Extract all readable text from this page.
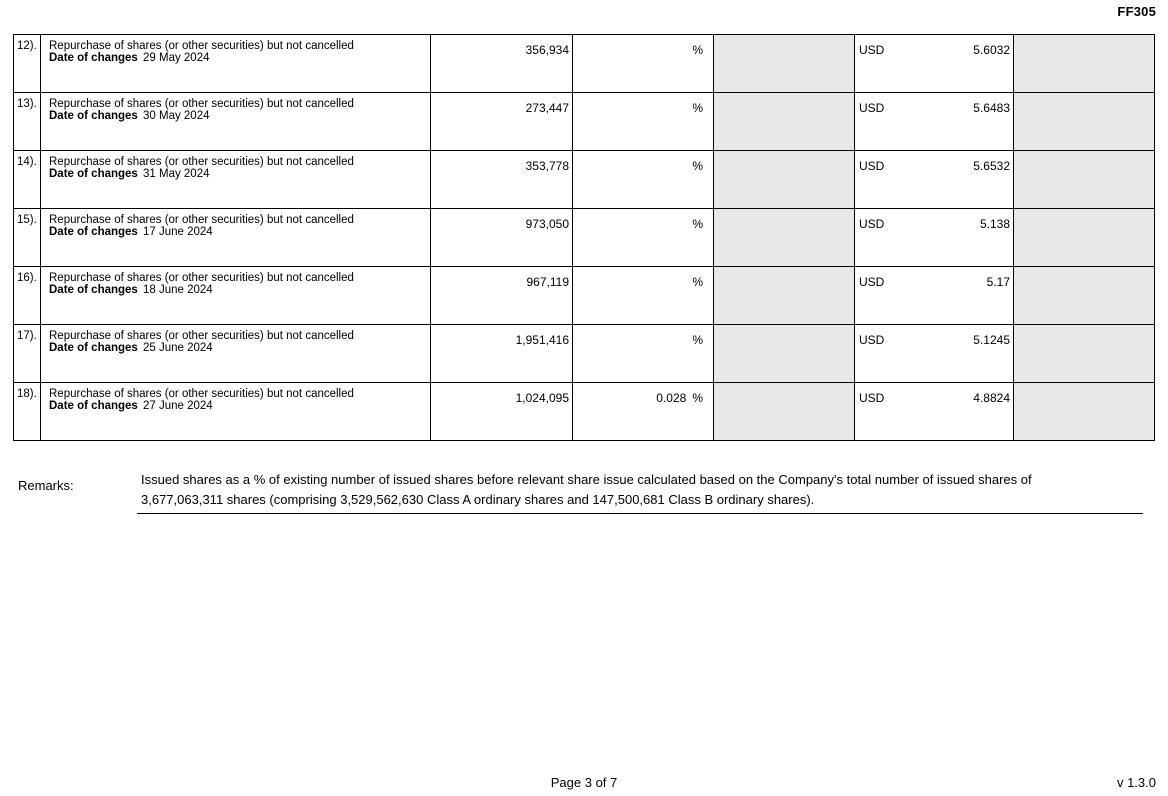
FF305
12).	Repurchase of shares (or other securities) but not cancelled
Date of changes 29 May 2024	356,934	%		USD 5.6032	

13).	Repurchase of shares (or other securities) but not cancelled
Date of changes 30 May 2024	273,447	%		USD 5.6483	

14).	Repurchase of shares (or other securities) but not cancelled
Date of changes 31 May 2024	353,778	%		USD 5.6532	

15).	Repurchase of shares (or other securities) but not cancelled
Date of changes 17 June 2024	973,050	%		USD 5.138	

16).	Repurchase of shares (or other securities) but not cancelled
Date of changes 18 June 2024	967,119	%		USD 5.17	

17).	Repurchase of shares (or other securities) but not cancelled
Date of changes 25 June 2024	1,951,416	%		USD 5.1245	

18).	Repurchase of shares (or other securities) but not cancelled
Date of changes 27 June 2024	1,024,095	0.028 %		USD 4.8824	

Remarks:	Issued shares as a % of existing number of issued shares before relevant share issue calculated based on the Company's total number of issued shares of
3,677,063,311 shares (comprising 3,529,562,630 Class A ordinary shares and 147,500,681 Class B ordinary shares).
Page 3 of 7	v 1.3.0
